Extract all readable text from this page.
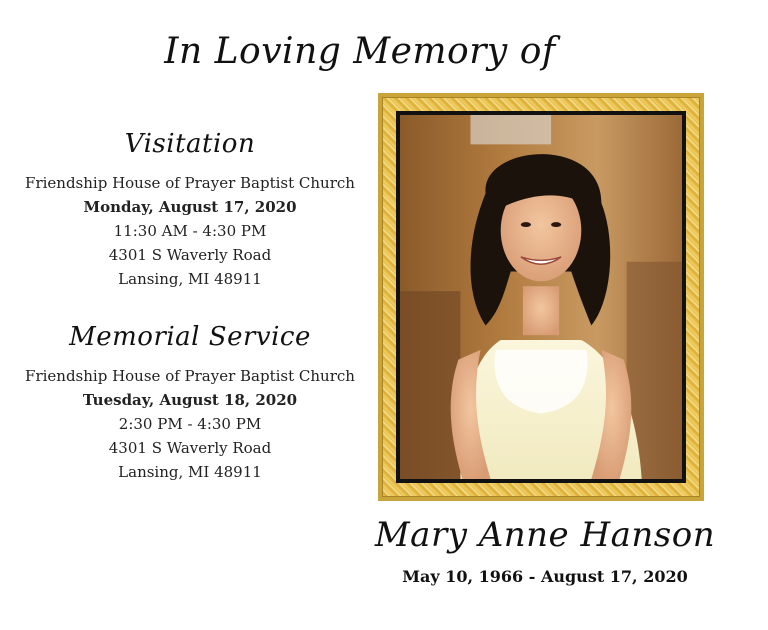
In Loving Memory of
Visitation
Friendship House of Prayer Baptist Church
Monday, August 17, 2020
11:30 AM - 4:30 PM
4301 S Waverly Road
Lansing, MI 48911
Memorial Service
Friendship House of Prayer Baptist Church
Tuesday, August 18, 2020
2:30 PM - 4:30 PM
4301 S Waverly Road
Lansing, MI 48911
Mary Anne Hanson
May 10, 1966 - August 17, 2020
